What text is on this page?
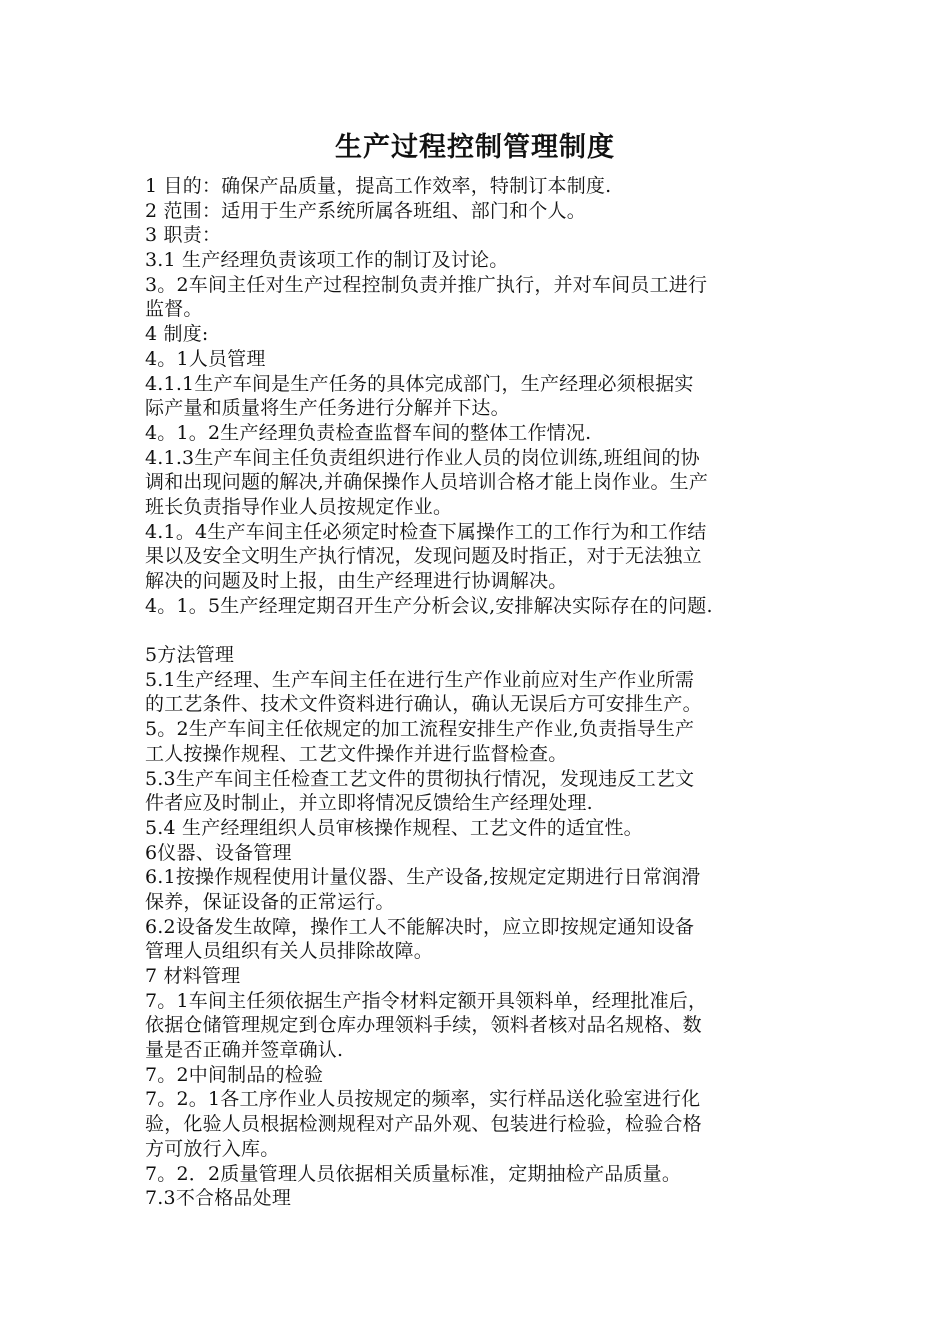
生产过程控制管理制度
1 目的：确保产品质量，提高工作效率，特制订本制度.
2 范围：适用于生产系统所属各班组、部门和个人。
3 职责：
3.1 生产经理负责该项工作的制订及讨论。
3。2车间主任对生产过程控制负责并推广执行，并对车间员工进行
监督。
4 制度:
4。1人员管理
4.1.1生产车间是生产任务的具体完成部门，生产经理必须根据实
际产量和质量将生产任务进行分解并下达。
4。1。2生产经理负责检查监督车间的整体工作情况.
4.1.3生产车间主任负责组织进行作业人员的岗位训练,班组间的协
调和出现问题的解决,并确保操作人员培训合格才能上岗作业。生产
班长负责指导作业人员按规定作业。
4.1。4生产车间主任必须定时检查下属操作工的工作行为和工作结
果以及安全文明生产执行情况，发现问题及时指正，对于无法独立
解决的问题及时上报，由生产经理进行协调解决。
4。1。5生产经理定期召开生产分析会议,安排解决实际存在的问题.
5方法管理
5.1生产经理、生产车间主任在进行生产作业前应对生产作业所需
的工艺条件、技术文件资料进行确认，确认无误后方可安排生产。
5。2生产车间主任依规定的加工流程安排生产作业,负责指导生产
工人按操作规程、工艺文件操作并进行监督检查。
5.3生产车间主任检查工艺文件的贯彻执行情况，发现违反工艺文
件者应及时制止，并立即将情况反馈给生产经理处理.
5.4 生产经理组织人员审核操作规程、工艺文件的适宜性。
6仪器、设备管理
6.1按操作规程使用计量仪器、生产设备,按规定定期进行日常润滑
保养，保证设备的正常运行。
6.2设备发生故障，操作工人不能解决时，应立即按规定通知设备
管理人员组织有关人员排除故障。
7 材料管理
7。1车间主任须依据生产指令材料定额开具领料单，经理批准后，
依据仓储管理规定到仓库办理领料手续，领料者核对品名规格、数
量是否正确并签章确认.
7。2中间制品的检验
7。2。1各工序作业人员按规定的频率，实行样品送化验室进行化
验，化验人员根据检测规程对产品外观、包装进行检验，检验合格
方可放行入库。
7。2．2质量管理人员依据相关质量标准，定期抽检产品质量。
7.3不合格品处理
